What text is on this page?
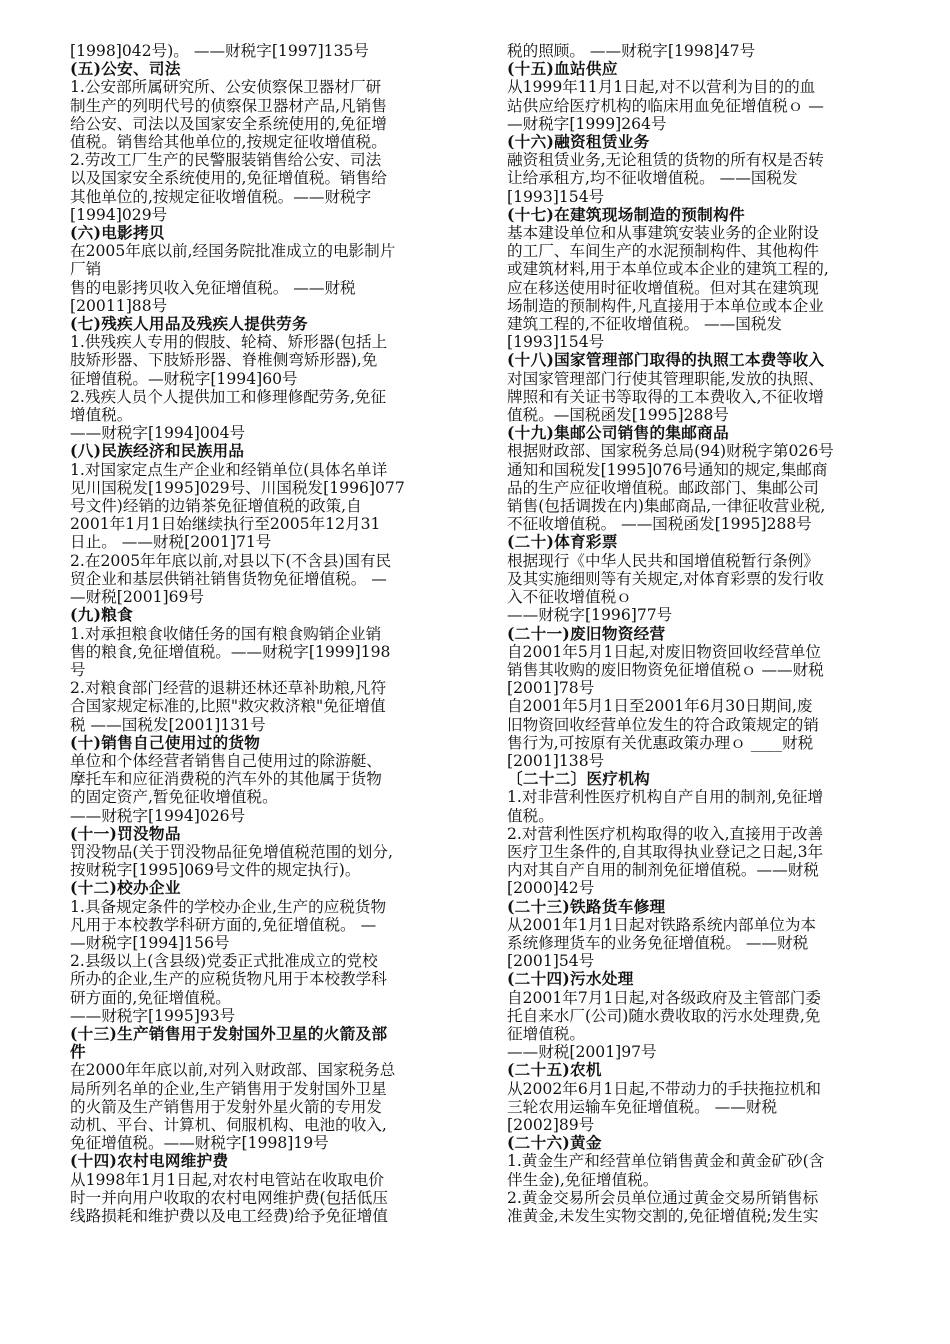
[1998]042号)。 ——财税字[1997]135号
(五)公安、司法
1.公安部所属研究所、公安侦察保卫器材厂研
制生产的列明代号的侦察保卫器材产品,凡销售
给公安、司法以及国家安全系统使用的,免征增
值税。销售给其他单位的,按规定征收增值税。
2.劳改工厂生产的民警服装销售给公安、司法
以及国家安全系统使用的,免征增值税。销售给
其他单位的,按规定征收增值税。——财税字
[1994]029号
(六)电影拷贝
在2005年底以前,经国务院批准成立的电影制片
厂销
售的电影拷贝收入免征增值税。 ——财税
[20011]88号
(七)残疾人用品及残疾人提供劳务
1.供残疾人专用的假肢、轮椅、矫形器(包括上
肢矫形器、下肢矫形器、脊椎侧弯矫形器),免
征增值税。—财税字[1994]60号
2.残疾人员个人提供加工和修理修配劳务,免征
增值税。
——财税字[1994]004号
(八)民族经济和民族用品
1.对国家定点生产企业和经销单位(具体名单详
见川国税发[1995]029号、川国税发[1996]077
号文件)经销的边销茶免征增值税的政策,自
2001年1月1日始继续执行至2005年12月31
日止。 ——财税[2001]71号
2.在2005年年底以前,对县以下(不含县)国有民
贸企业和基层供销社销售货物免征增值税。 —
—财税[2001]69号
(九)粮食
1.对承担粮食收储任务的国有粮食购销企业销
售的粮食,免征增值税。——财税字[1999]198
号
2.对粮食部门经营的退耕还林还草补助粮,凡符
合国家规定标准的,比照"救灾救济粮"免征增值
税 ——国税发[2001]131号
(十)销售自己使用过的货物
单位和个体经营者销售自己使用过的除游艇、
摩托车和应征消费税的汽车外的其他属于货物
的固定资产,暂免征收增值税。
——财税字[1994]026号
(十一)罚没物品
罚没物品(关于罚没物品征免增值税范围的划分,
按财税字[1995]069号文件的规定执行)。
(十二)校办企业
1.具备规定条件的学校办企业,生产的应税货物
凡用于本校教学科研方面的,免征增值税。 —
—财税字[1994]156号
2.县级以上(含县级)党委正式批准成立的党校
所办的企业,生产的应税货物凡用于本校教学科
研方面的,免征增值税。
——财税字[1995]93号
(十三)生产销售用于发射国外卫星的火箭及部
件
在2000年年底以前,对列入财政部、国家税务总
局所列名单的企业,生产销售用于发射国外卫星
的火箭及生产销售用于发射外星火箭的专用发
动机、平台、计算机、伺服机构、电池的收入,
免征增值税。——财税字[1998]19号
(十四)农村电网维护费
从1998年1月1日起,对农村电管站在收取电价
时一并向用户收取的农村电网维护费(包括低压
线路损耗和维护费以及电工经费)给予免征增值
税的照顾。 ——财税字[1998]47号
(十五)血站供应
从1999年11月1日起,对不以营利为目的的血
站供应给医疗机构的临床用血免征增值税ｏ —
—财税字[1999]264号
(十六)融资租赁业务
融资租赁业务,无论租赁的货物的所有权是否转
让给承租方,均不征收增值税。 ——国税发
[1993]154号
(十七)在建筑现场制造的预制构件
基本建设单位和从事建筑安装业务的企业附设
的工厂、车间生产的水泥预制构件、其他构件
或建筑材料,用于本单位或本企业的建筑工程的,
应在移送使用时征收增值税。但对其在建筑现
场制造的预制构件,凡直接用于本单位或本企业
建筑工程的,不征收增值税。 ——国税发
[1993]154号
(十八)国家管理部门取得的执照工本费等收入
对国家管理部门行使其管理职能,发放的执照、
牌照和有关证书等取得的工本费收入,不征收增
值税。—国税函发[1995]288号
(十九)集邮公司销售的集邮商品
根据财政部、国家税务总局(94)财税字第026号
通知和国税发[1995]076号通知的规定,集邮商
品的生产应征收增值税。邮政部门、集邮公司
销售(包括调拨在内)集邮商品,一律征收营业税,
不征收增值税。 ——国税函发[1995]288号
(二十)体育彩票
根据现行《中华人民共和国增值税暂行条例》
及其实施细则等有关规定,对体育彩票的发行收
入不征收增值税ｏ
——财税字[1996]77号
(二十一)废旧物资经营
自2001年5月1日起,对废旧物资回收经营单位
销售其收购的废旧物资免征增值税ｏ ——财税
[2001]78号
自2001年5月1日至2001年6月30日期间,废
旧物资回收经营单位发生的符合政策规定的销
售行为,可按原有关优惠政策办理ｏ ____财税
[2001]138号
〔二十二〕医疗机构
1.对非营利性医疗机构自产自用的制剂,免征增
值税。
2.对营利性医疗机构取得的收入,直接用于改善
医疗卫生条件的,自其取得执业登记之日起,3年
内对其自产自用的制剂免征增值税。——财税
[2000]42号
(二十三)铁路货车修理
从2001年1月1日起对铁路系统内部单位为本
系统修理货车的业务免征增值税。 ——财税
[2001]54号
(二十四)污水处理
自2001年7月1日起,对各级政府及主管部门委
托自来水厂(公司)随水费收取的污水处理费,免
征增值税。
——财税[2001]97号
(二十五)农机
从2002年6月1日起,不带动力的手扶拖拉机和
三轮农用运输车免征增值税。 ——财税
[2002]89号
(二十六)黄金
1.黄金生产和经营单位销售黄金和黄金矿砂(含
伴生金),免征增值税。
2.黄金交易所会员单位通过黄金交易所销售标
准黄金,未发生实物交割的,免征增值税;发生实
